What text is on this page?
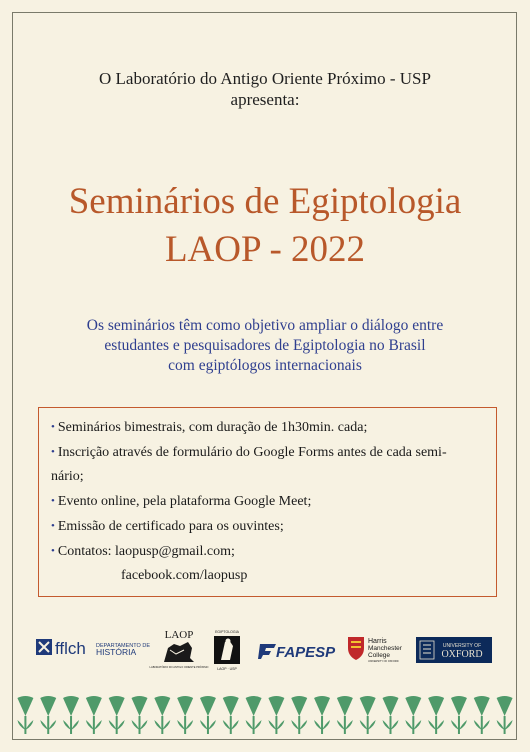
O Laboratório do Antigo Oriente Próximo - USP
apresenta:
Seminários de Egiptologia
LAOP - 2022
Os seminários têm como objetivo ampliar o diálogo entre
estudantes e pesquisadores de Egiptologia no Brasil
com egiptólogos internacionais
• Seminários bimestrais, com duração de 1h30min. cada;
• Inscrição através de formulário do Google Forms antes de cada semi-
nário;
• Evento online, pela plataforma Google Meet;
• Emissão de certificado para os ouvintes;
• Contatos: laopusp@gmail.com;
facebook.com/laopusp
fflch DEPARTAMENTO DE
HISTÓRIA
LAOP
LABORATÓRIO DO ANTIGO ORIENTE PRÓXIMO
EGIPTOLOGIA
LAOP · USP
FAPESP
Harris
Manchester
College
UNIVERSITY OF OXFORD
UNIVERSITY OF
OXFORD
